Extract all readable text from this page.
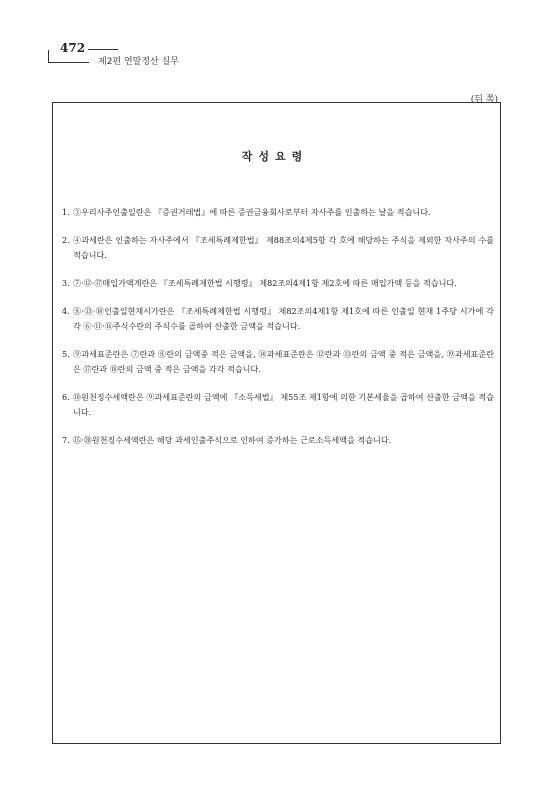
472
제2편 연말정산 실무
(뒤 쪽)
작성요령
1. ③우리사주인출일란은 『증권거래법』에 따른 증권금융회사로부터 자사주를 인출하는 날을 적습니다.
2. ④과세란은 인출하는 자사주에서 『조세특례제한법』 제88조의4제5항 각 호에 해당하는 주식을 제외한 자사주의 수를 적습니다.
3. ⑦·⑫·⑰매입가액계란은 『조세특례제한법 시행령』 제82조의4제1항 제2호에 따른 매입가액 등을 적습니다.
4. ⑧·⑬·⑱인출일현재시가란은 『조세특례제한법 시행령』 제82조의4제1항 제1호에 따른 인출일 현재 1주당 시가에 각각 ⑥·⑪·⑯주식수란의 주식수를 곱하여 산출한 금액을 적습니다.
5. ⑨과세표준란은 ⑦란과 ⑧란의 금액중 적은 금액을, ⑭과세표준란은 ⑫란과 ⑬란의 금액 중 적은 금액을, ⑲과세표준란은 ⑰란과 ⑱란의 금액 중 적은 금액을 각각 적습니다.
6. ⑩원천징수세액란은 ⑨과세표준란의 금액에 『소득세법』 제55조 제1항에 의한 기본세율을 곱하여 산출한 금액을 적습니다.
7. ⑮·⑳원천징수세액란은 해당 과세인출주식으로 인하여 증가하는 근로소득세액을 적습니다.
